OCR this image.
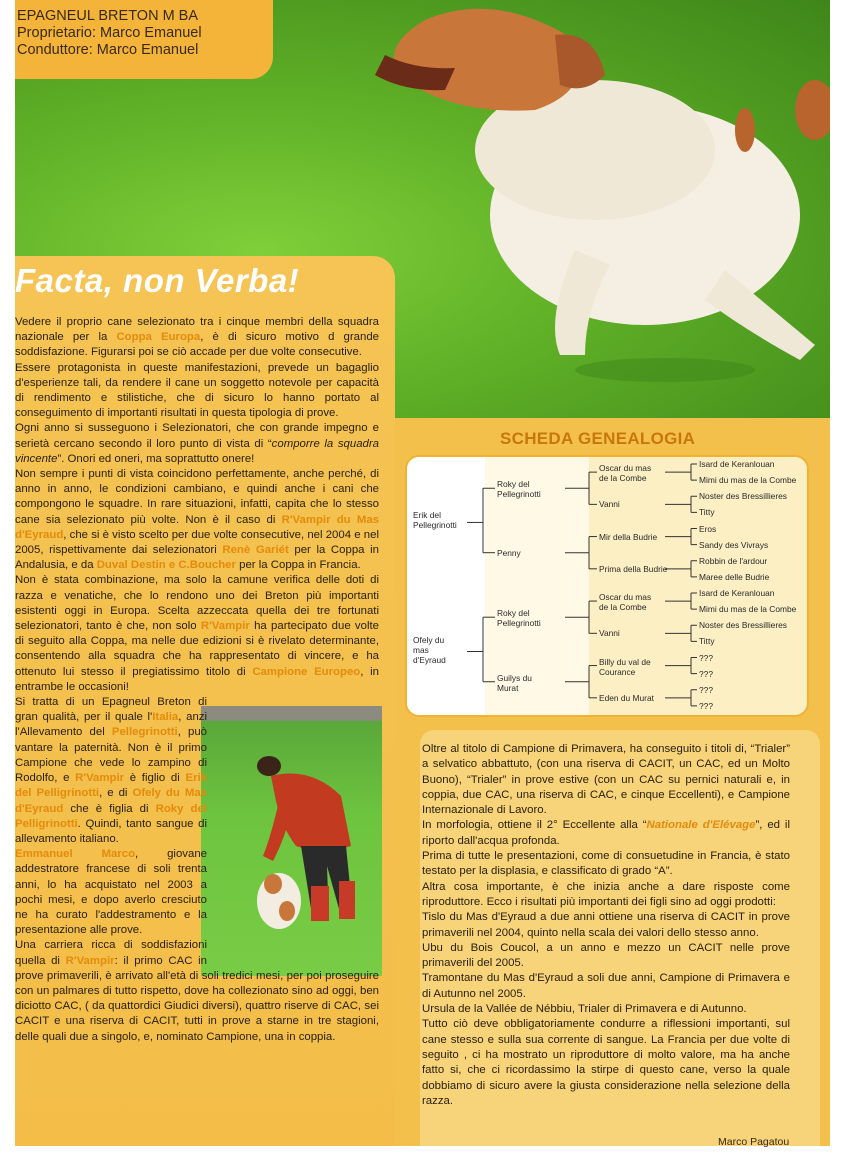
EPAGNEUL BRETON M BA
Proprietario: Marco Emanuel
Conduttore: Marco Emanuel
Facta, non Verba!

Vedere il proprio cane selezionato tra i cinque membri della squadra nazionale per la Coppa Europa, è di sicuro motivo d grande soddisfazione. Figurarsi poi se ciò accade per due volte consecutive.

Essere protagonista in queste manifestazioni, prevede un bagaglio d'esperienze tali, da rendere il cane un soggetto notevole per capacità di rendimento e stilistiche, che di sicuro lo hanno portato al conseguimento di importanti risultati in questa tipologia di prove.

Ogni anno si susseguono i Selezionatori, che con grande impegno e serietà cercano secondo il loro punto di vista di “comporre la squadra vincente”. Onori ed oneri, ma soprattutto onere!

Non sempre i punti di vista coincidono perfettamente, anche perché, di anno in anno, le condizioni cambiano, e quindi anche i cani che compongono le squadre. In rare situazioni, infatti, capita che lo stesso cane sia selezionato più volte. Non è il caso di R'Vampir du Mas d'Eyraud, che si è visto scelto per due volte consecutive, nel 2004 e nel 2005, rispettivamente dai selezionatori Renè Gariét per la Coppa in Andalusia, e da Duval Destin e C.Boucher per la Coppa in Francia.

Non è stata combinazione, ma solo la camune verifica delle doti di razza e venatiche, che lo rendono uno dei Breton più importanti esistenti oggi in Europa. Scelta azzeccata quella dei tre fortunati selezionatori, tanto è che, non solo R'Vampir ha partecipato due volte di seguito alla Coppa, ma nelle due edizioni si è rivelato determinante, consentendo alla squadra che ha rappresentato di vincere, e ha ottenuto lui stesso il pregiatissimo titolo di Campione Europeo, in entrambe le occasioni!

Si tratta di un Epagneul Breton di gran qualità, per il quale l'Italia, anzi l'Allevamento del Pellegrinotti, può vantare la paternità. Non è il primo Campione che vede lo zampino di Rodolfo, e R'Vampir è figlio di Erik del Pelligrinotti, e di Ofely du Mas d'Eyraud che è figlia di Roky del Pelligrinotti. Quindi, tanto sangue di allevamento italiano.

Emmanuel Marco, giovane addestratore francese di soli trenta anni, lo ha acquistato nel 2003 a pochi mesi, e dopo averlo cresciuto ne ha curato l'addestramento e la presentazione alle prove.

Una carriera ricca di soddisfazioni quella di R'Vampir: il primo CAC in prove primaverili, è arrivato all'età di soli tredici mesi, per poi proseguire con un palmares di tutto rispetto, dove ha collezionato sino ad oggi, ben diciotto CAC, ( da quattordici Giudici diversi), quattro riserve di CAC, sei CACIT e una riserva di CACIT, tutti in prove a starne in tre stagioni, delle quali due a singolo, e, nominato Campione, una in coppia.

SCHEDA GENEALOGIA
Erik del
Pellegrinotti
Ofely du
mas
d'Eyraud
Roky del
Pellegrinotti
Penny
Roky del
Pellegrinotti
Guilys du
Murat
Oscar du mas
de la Combe
Vanni
Mir della Budrie
Prima della Budrie
Oscar du mas
de la Combe
Vanni
Billy du val de
Courance
Eden du Murat
Isard de Keranlouan
Mimi du mas de la Combe
Noster des Bressillieres
Titty
Eros
Sandy des Vivrays
Robbin de l'ardour
Maree delle Budrie
Isard de Keranlouan
Mimi du mas de la Combe
Noster des Bressillieres
Titty
???
???
???
???

Oltre al titolo di Campione di Primavera, ha conseguito i titoli di, “Trialer” a selvatico abbattuto, (con una riserva di CACIT, un CAC, ed un Molto Buono), “Trialer” in prove estive (con un CAC su pernici naturali e, in coppia, due CAC, una riserva di CAC, e cinque Eccellenti), e Campione Internazionale di Lavoro.

In morfologia, ottiene il 2° Eccellente alla “Nationale d'Elévage”, ed il riporto dall'acqua profonda.

Prima di tutte le presentazioni, come di consuetudine in Francia, è stato testato per la displasia, e classificato di grado “A”.

Altra cosa importante, è che inizia anche a dare risposte come riproduttore. Ecco i risultati più importanti dei figli sino ad oggi prodotti:

Tislo du Mas d'Eyraud a due anni ottiene una riserva di CACIT in prove primaverili nel 2004, quinto nella scala dei valori dello stesso anno.

Ubu du Bois Coucol, a un anno e mezzo un CACIT nelle prove primaverili del 2005.

Tramontane du Mas d'Eyraud a soli due anni, Campione di Primavera e di Autunno nel 2005.

Ursula de la Vallée de Nébbiu, Trialer di Primavera e di Autunno.

Tutto ciò deve obbligatoriamente condurre a riflessioni importanti, sul cane stesso e sulla sua corrente di sangue. La Francia per due volte di seguito , ci ha mostrato un riproduttore di molto valore, ma ha anche fatto si, che ci ricordassimo la stirpe di questo cane, verso la quale dobbiamo di sicuro avere la giusta considerazione nella selezione della razza.

Marco Pagatou
